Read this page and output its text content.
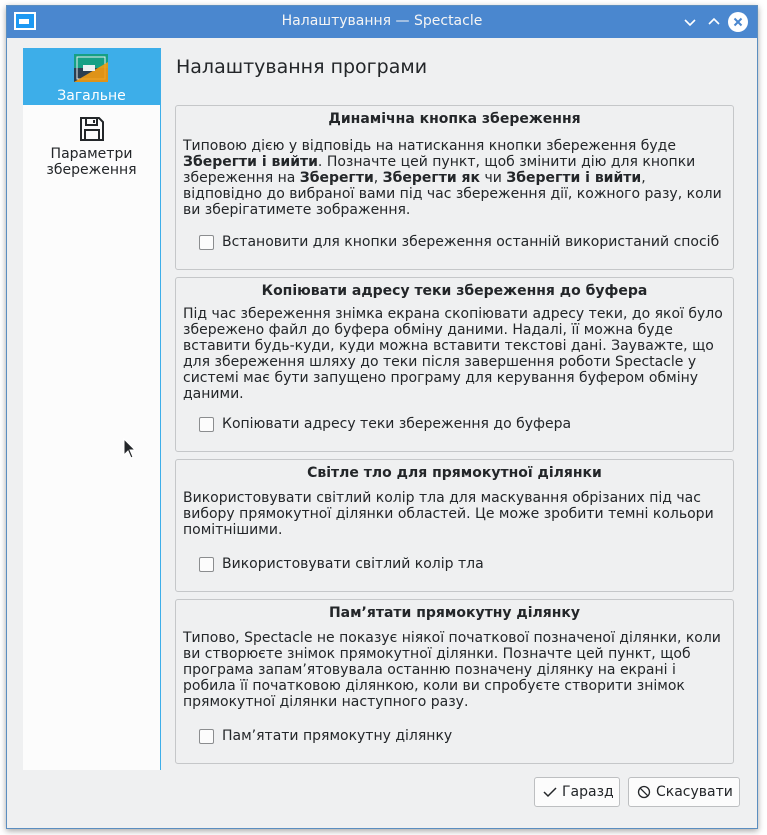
Налаштування — Spectacle
Загальне
Параметри
збереження
Налаштування програми
Динамічна кнопка збереження
Типовою дією у відповідь на натискання кнопки збереження буде
Зберегти і вийти. Позначте цей пункт, щоб змінити дію для кнопки
збереження на Зберегти, Зберегти як чи Зберегти і вийти,
відповідно до вибраної вами під час збереження дії, кожного разу, коли
ви зберігатимете зображення.
Встановити для кнопки збереження останній використаний спосіб
Копіювати адресу теки збереження до буфера
Під час збереження знімка екрана скопіювати адресу теки, до якої було
збережено файл до буфера обміну даними. Надалі, її можна буде
вставити будь-куди, куди можна вставити текстові дані. Зауважте, що
для збереження шляху до теки після завершення роботи Spectacle у
системі має бути запущено програму для керування буфером обміну
даними.
Копіювати адресу теки збереження до буфера
Світле тло для прямокутної ділянки
Використовувати світлий колір тла для маскування обрізаних під час
вибору прямокутної ділянки областей. Це може зробити темні кольори
помітнішими.
Використовувати світлий колір тла
Пам’ятати прямокутну ділянку
Типово, Spectacle не показує ніякої початкової позначеної ділянки, коли
ви створюєте знімок прямокутної ділянки. Позначте цей пункт, щоб
програма запам’ятовувала останню позначену ділянку на екрані і
робила її початковою ділянкою, коли ви спробуєте створити знімок
прямокутної ділянки наступного разу.
Пам’ятати прямокутну ділянку
Гаразд	Скасувати
